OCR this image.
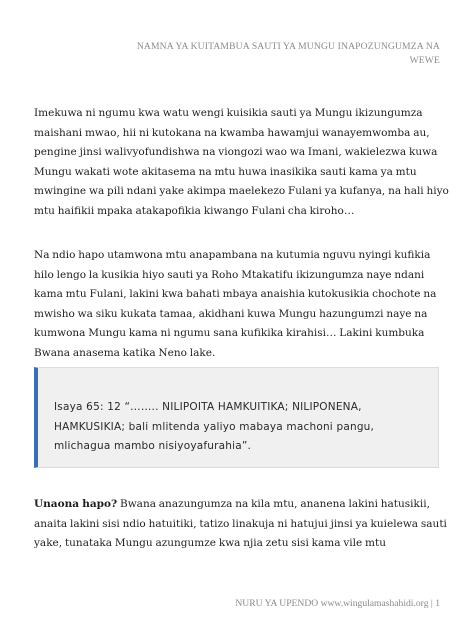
NAMNA YA KUITAMBUA SAUTI YA MUNGU INAPOZUNGUMZA NA WEWE

Imekuwa ni ngumu kwa watu wengi kuisikia sauti ya Mungu ikizungumza maishani mwao, hii ni kutokana na kwamba hawamjui wanayemwomba au, pengine jinsi walivyofundishwa na viongozi wao wa Imani, wakielezwa kuwa Mungu wakati wote akitasema na mtu huwa inasikika sauti kama ya mtu mwingine wa pili ndani yake akimpa maelekezo Fulani ya kufanya, na hali hiyo mtu haifikii mpaka atakapofikia kiwango Fulani cha kiroho…

Na ndio hapo utamwona mtu anapambana na kutumia nguvu nyingi kufikia hilo lengo la kusikia hiyo sauti ya Roho Mtakatifu ikizungumza naye ndani kama mtu Fulani, lakini kwa bahati mbaya anaishia kutokusikia chochote na mwisho wa siku kukata tamaa, akidhani kuwa Mungu hazungumzi naye na kumwona Mungu kama ni ngumu sana kufikika kirahisi… Lakini kumbuka Bwana anasema katika Neno lake.

Isaya 65: 12 “…….. NILIPOITA HAMKUITIKA; NILIPONENA, HAMKUSIKIA; bali mlitenda yaliyo mabaya machoni pangu, mlichagua mambo nisiyoyafurahia”.

Unaona hapo? Bwana anazungumza na kila mtu, ananena lakini hatusikii, anaita lakini sisi ndio hatuitiki, tatizo linakuja ni hatujui jinsi ya kuielewa sauti yake, tunataka Mungu azungumze kwa njia zetu sisi kama vile mtu

NURU YA UPENDO www.wingulamashahidi.org | 1
